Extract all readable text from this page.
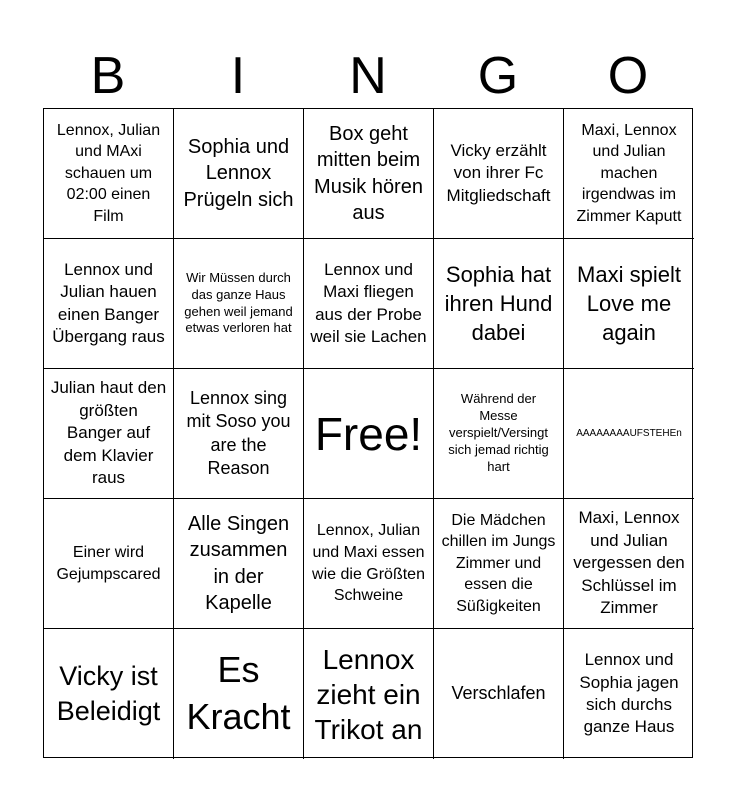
B	I	N	G	O
Lennox, Julian und MAxi schauen um 02:00 einen Film
Sophia und Lennox Prügeln sich
Box geht mitten beim Musik hören aus
Vicky erzählt von ihrer Fc Mitgliedschaft
Maxi, Lennox und Julian machen irgendwas im Zimmer Kaputt
Lennox und Julian hauen einen Banger Übergang raus
Wir Müssen durch das ganze Haus gehen weil jemand etwas verloren hat
Lennox und Maxi fliegen aus der Probe weil sie Lachen
Sophia hat ihren Hund dabei
Maxi spielt Love me again
Julian haut den größten Banger auf dem Klavier raus
Lennox sing mit Soso you are the Reason
Free!
Während der Messe verspielt/Versingt sich jemad richtig hart
AAAAAAAAUFSTEHEn
Einer wird Gejumpscared
Alle Singen zusammen in der Kapelle
Lennox, Julian und Maxi essen wie die Größten Schweine
Die Mädchen chillen im Jungs Zimmer und essen die Süßigkeiten
Maxi, Lennox und Julian vergessen den Schlüssel im Zimmer
Vicky ist Beleidigt
Es Kracht
Lennox zieht ein Trikot an
Verschlafen
Lennox und Sophia jagen sich durchs ganze Haus
